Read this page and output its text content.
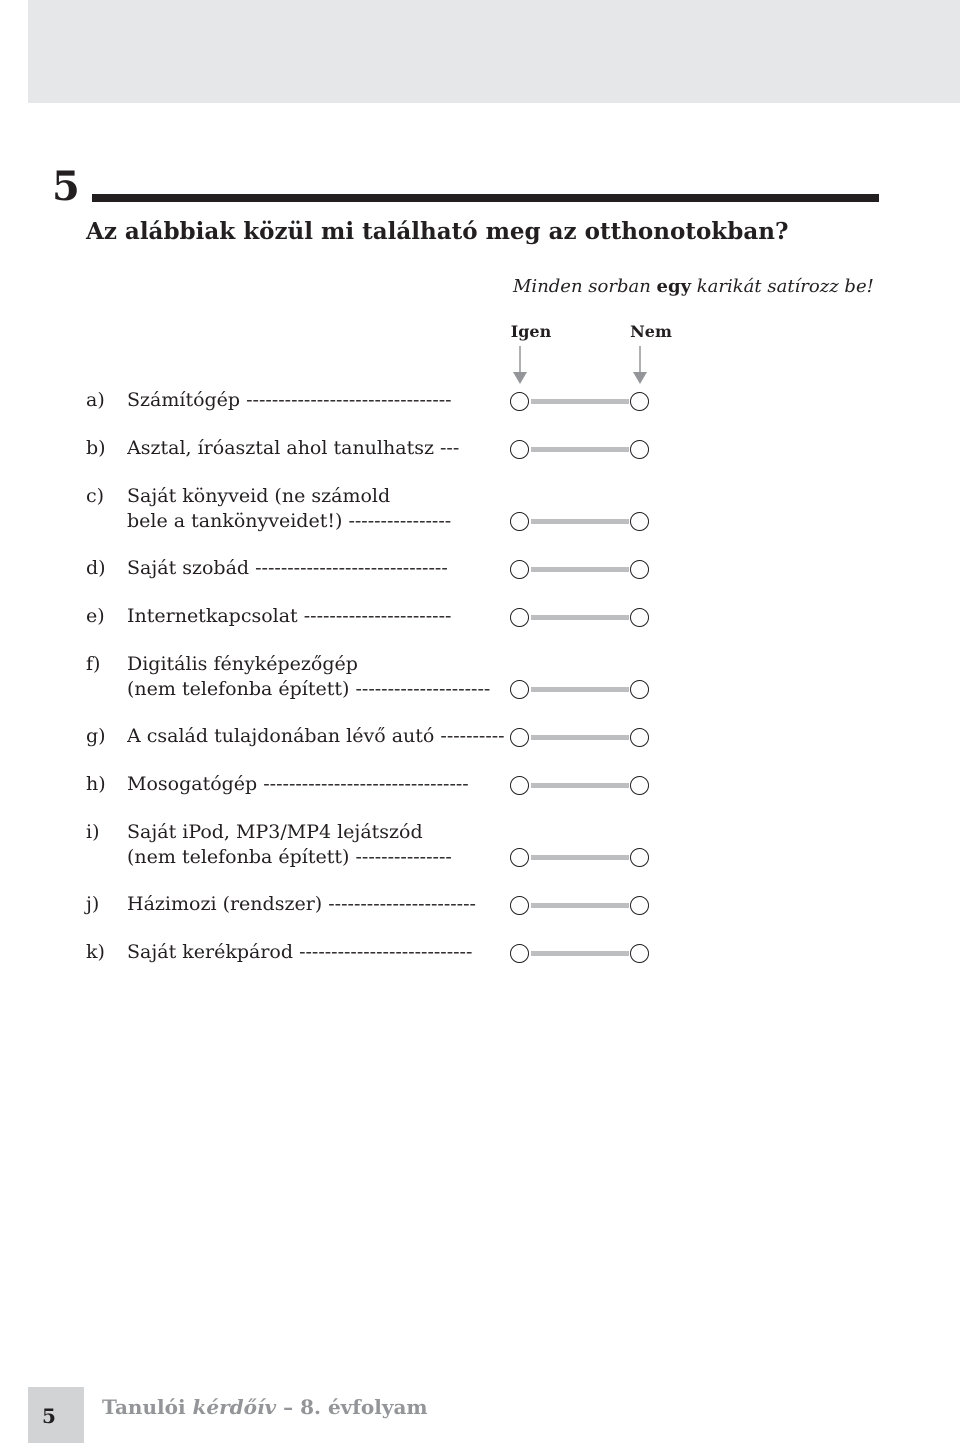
5
Az alábbiak közül mi található meg az otthonotokban?
Minden sorban egy karikát satírozz be!
Igen	Nem
a) Számítógép --------------------------------
b) Asztal, íróasztal ahol tanulhatsz ---
c) Saját könyveid (ne számold
bele a tankönyveidet!) ----------------
d) Saját szobád ------------------------------
e) Internetkapcsolat -----------------------
f) Digitális fényképezőgép
(nem telefonba épített) ---------------------
g) A család tulajdonában lévő autó ----------
h) Mosogatógép --------------------------------
i) Saját iPod, MP3/MP4 lejátszód
(nem telefonba épített) ---------------
j) Házimozi (rendszer) -----------------------
k) Saját kerékpárod ---------------------------
5	Tanulói kérdőív – 8. évfolyam
